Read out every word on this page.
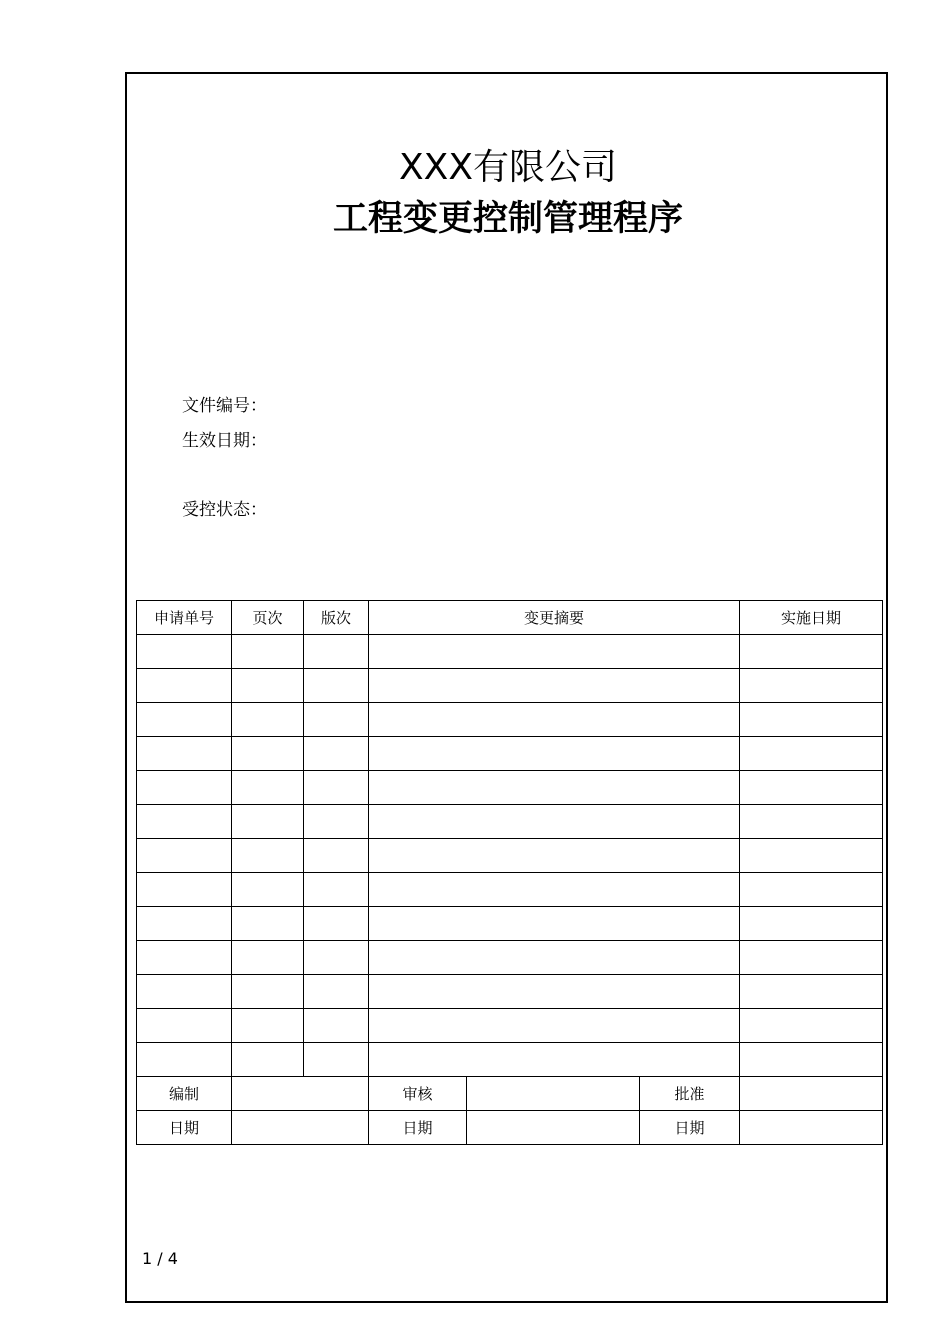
XXX有限公司
工程变更控制管理程序
文件编号：
生效日期：
受控状态：
申请单号	页次	版次	变更摘要			实施日期

编制			审核		批准	
日期			日期		日期	
1 / 4
